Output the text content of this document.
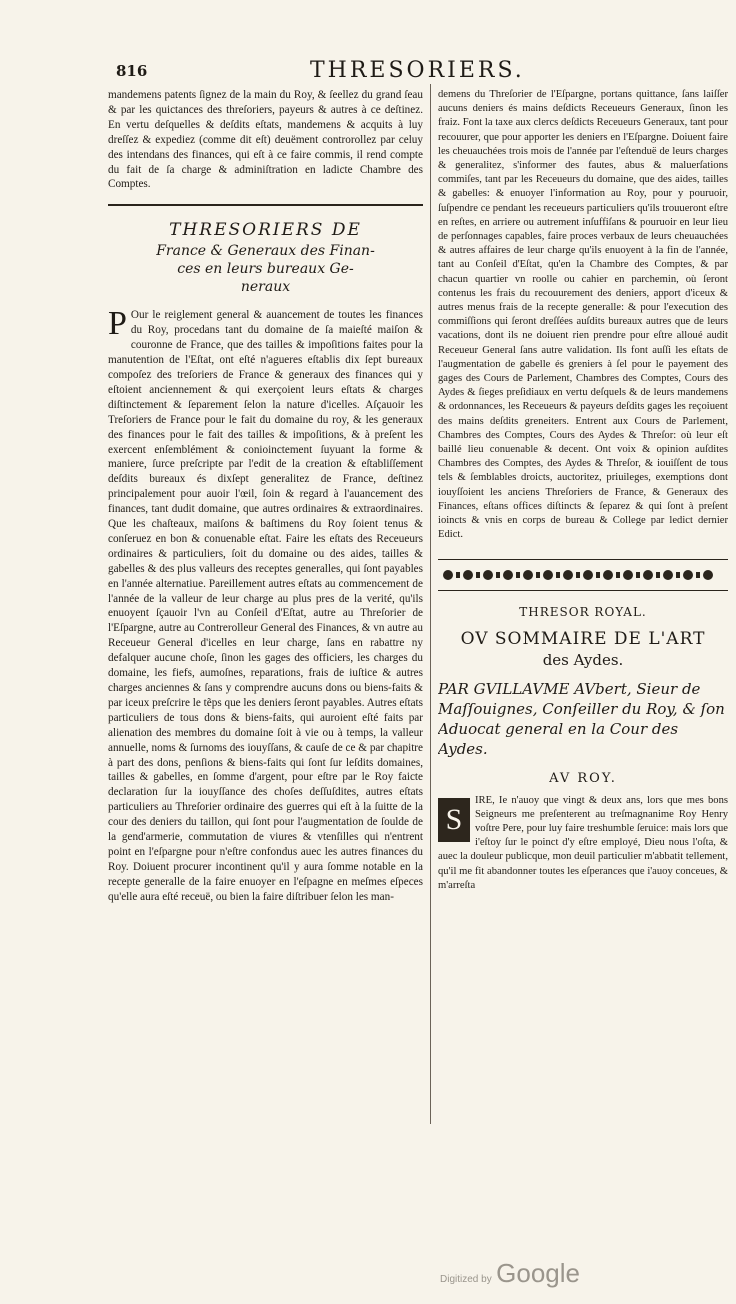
816	THRESORIERS.

mandemens patents ſignez de la main du Roy, & ſeellez du grand ſeau & par les quictances des threſoriers, payeurs & autres à ce deſtinez. En vertu deſquelles & deſdits eſtats, mandemens & acquits à luy dreſſez & expediez (comme dit eſt) deuëment controrollez par celuy des intendans des finances, qui eſt à ce faire commis, il rend compte du fait de ſa charge & adminiſtration en ladicte Chambre des Comptes.

THRESORIERS DE
France & Generaux des Finan-
ces en leurs bureaux Ge-
neraux

P Our le reiglement general & auancement de toutes les finances du Roy, procedans tant du domaine de ſa maieſté maiſon & couronne de France, que des tailles & impoſitions faites pour la manutention de l'Eſtat, ont eſté n'agueres eſtablis dix ſept bureaux compoſez des treſoriers de France & generaux des finances qui y eſtoient anciennement & qui exerçoient leurs eſtats & charges diſtinctement & ſeparement ſelon la nature d'icelles. Aſçauoir les Treſoriers de France pour le fait du domaine du roy, & les generaux des finances pour le fait des tailles & impoſitions, & à preſent les exercent enſemblément & conioinctement ſuyuant la forme & maniere, ſurce preſcripte par l'edit de la creation & eſtabliſſement deſdits bureaux és dixſept generalitez de France, deſtinez principalement pour auoir l'œil, ſoin & regard à l'auancement des finances, tant dudit domaine, que autres ordinaires & extraordinaires. Que les chaſteaux, maiſons & baſtimens du Roy ſoient tenus & conſeruez en bon & conuenable eſtat. Faire les eſtats des Receueurs ordinaires & particuliers, ſoit du domaine ou des aides, tailles & gabelles & des plus valleurs des receptes generalles, qui ſont payables en l'année alternatiue. Pareillement autres eſtats au commencement de l'année de la valleur de leur charge au plus pres de la verité, qu'ils enuoyent ſçauoir l'vn au Conſeil d'Eſtat, autre au Threſorier de l'Eſpargne, autre au Contrerolleur General des Finances, & vn autre au Receueur General d'icelles en leur charge, ſans en rabattre ny defalquer aucune choſe, ſinon les gages des officiers, les charges du domaine, les fiefs, aumoſnes, reparations, frais de iuſtice & autres charges anciennes & ſans y comprendre aucuns dons ou biens-faits & par iceux preſcrire le tẽps que les deniers ſeront payables. Autres eſtats particuliers de tous dons & biens-faits, qui auroient eſté faits par alienation des membres du domaine ſoit à vie ou à temps, la valleur annuelle, noms & ſurnoms des iouyſſans, & cauſe de ce & par chapitre à part des dons, penſions & biens-faits qui ſont ſur leſdits domaines, tailles & gabelles, en ſomme d'argent, pour eſtre par le Roy faicte declaration ſur la iouyſſance des choſes deſſuſdites, autres eſtats particuliers au Threſorier ordinaire des guerres qui eſt à la ſuitte de la cour des deniers du taillon, qui ſont pour l'augmentation de ſoulde de la gend'armerie, commutation de viures & vtenſilles qui n'entrent point en l'eſpargne pour n'eſtre confondus auec les autres finances du Roy. Doiuent procurer incontinent qu'il y aura ſomme notable en la recepte generalle de la faire enuoyer en l'eſpagne en meſmes eſpeces qu'elle aura eſté receuë, ou bien la faire diſtribuer ſelon les man-

demens du Threſorier de l'Eſpargne, portans quittance, ſans laiſſer aucuns deniers és mains deſdicts Receueurs Generaux, ſinon les fraiz. Font la taxe aux clercs deſdicts Receueurs Generaux, tant pour recouurer, que pour apporter les deniers en l'Eſpargne. Doiuent faire les cheuauchées trois mois de l'année par l'eſtenduë de leurs charges & generalitez, s'informer des fautes, abus & maluerſations commiſes, tant par les Receueurs du domaine, que des aides, tailles & gabelles: & enuoyer l'information au Roy, pour y pouruoir, ſuſpendre ce pendant les receueurs particuliers qu'ils trouueront eſtre en reſtes, en arriere ou autrement inſuffiſans & pouruoir en leur lieu de perſonnages capables, faire proces verbaux de leurs cheuauchées & autres affaires de leur charge qu'ils enuoyent à la fin de l'année, tant au Conſeil d'Eſtat, qu'en la Chambre des Comptes, & par chacun quartier vn roolle ou cahier en parchemin, où ſeront contenus les frais du recouurement des deniers, apport d'iceux & autres menus frais de la recepte generalle: & pour l'execution des commiſſions qui ſeront dreſſées auſdits bureaux autres que de leurs vacations, dont ils ne doiuent rien prendre pour eſtre alloué audit Receueur General ſans autre validation. Ils font auſſi les eſtats de l'augmentation de gabelle és greniers à ſel pour le payement des gages des Cours de Parlement, Chambres des Comptes, Cours des Aydes & ſieges preſidiaux en vertu deſquels & de leurs mandemens & ordonnances, les Receueurs & payeurs deſdits gages les reçoiuent des mains deſdits greneiters. Entrent aux Cours de Parlement, Chambres des Comptes, Cours des Aydes & Threſor: où leur eſt baillé lieu conuenable & decent. Ont voix & opinion auſdites Chambres des Comptes, des Aydes & Threſor, & iouiſſent de tous tels & ſemblables droicts, auctoritez, priuileges, exemptions dont iouyſſoient les anciens Threſoriers de France, & Generaux des Finances, eſtans offices diſtincts & ſeparez & qui ſont à preſent ioincts & vnis en corps de bureau & College par ledict dernier Edict.

THRESOR ROYAL.
OV SOMMAIRE DE L'ART
des Aydes.
PAR GVILLAVME AVbert, Sieur de Maſſouignes, Conſeiller du Roy, & ſon Aduocat general en la Cour des Aydes.
AV ROY.

S
IRE, Ie n'auoy que vingt & deux ans, lors que mes bons Seigneurs me preſenterent au treſmagnanime Roy Henry voſtre Pere, pour luy faire treshumble ſeruice: mais lors que i'eſtoy ſur le poinct d'y eſtre employé, Dieu nous l'oſta, & auec la douleur publicque, mon deuil particulier m'abbatit tellement, qu'il me fit abandonner toutes les eſperances que i'auoy conceues, & m'arreſta

Digitized by Google
